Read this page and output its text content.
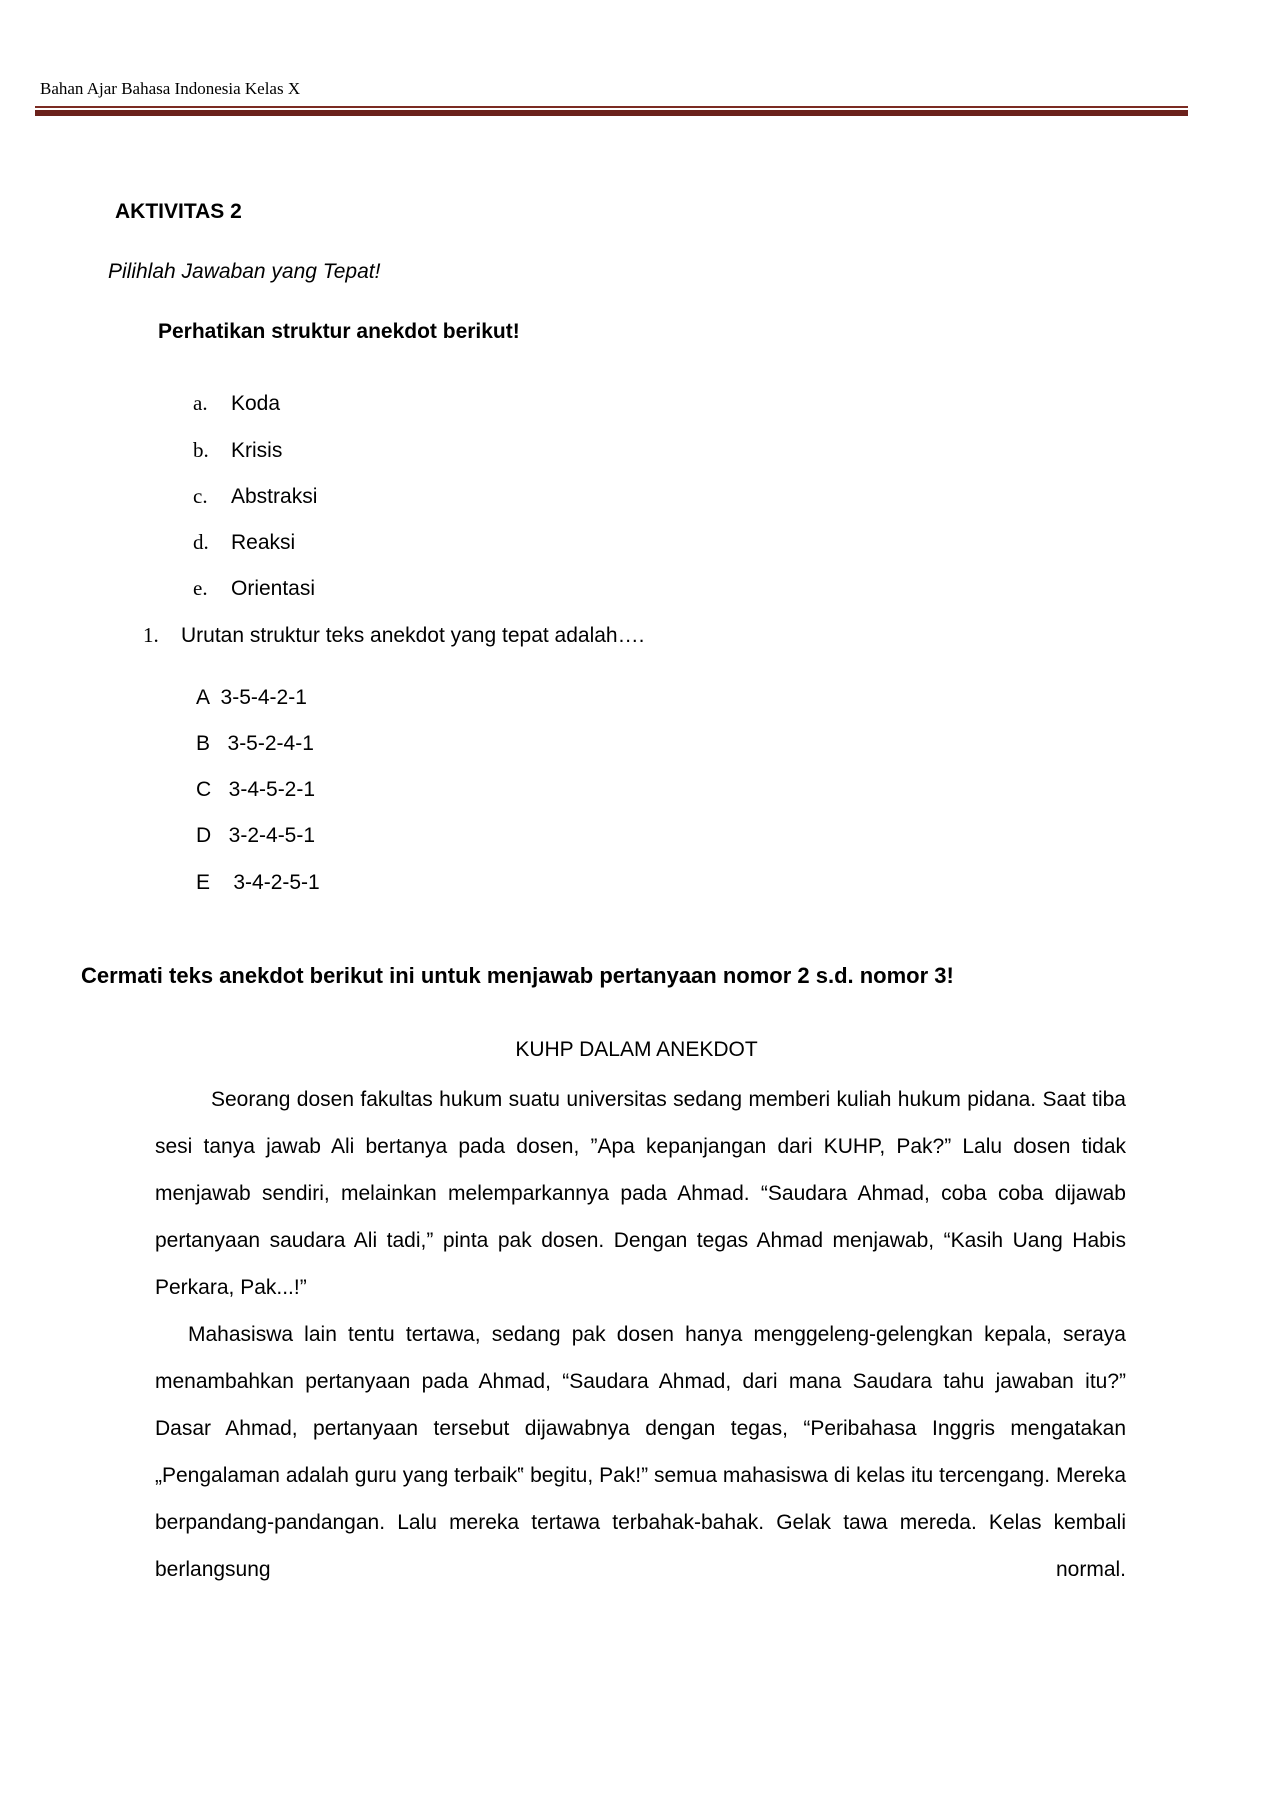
Bahan Ajar Bahasa Indonesia Kelas X
AKTIVITAS 2
Pilihlah Jawaban yang Tepat!
Perhatikan struktur anekdot berikut!
a. Koda
b. Krisis
c. Abstraksi
d. Reaksi
e. Orientasi
1. Urutan struktur teks anekdot yang tepat adalah….
A  3-5-4-2-1
B   3-5-2-4-1
C   3-4-5-2-1
D   3-2-4-5-1
E    3-4-2-5-1
Cermati teks anekdot berikut ini untuk menjawab pertanyaan nomor 2 s.d. nomor 3!
KUHP DALAM ANEKDOT
Seorang dosen fakultas hukum suatu universitas sedang memberi kuliah hukum pidana. Saat tiba sesi tanya jawab Ali bertanya pada dosen, ”Apa kepanjangan dari KUHP, Pak?” Lalu dosen tidak menjawab sendiri, melainkan melemparkannya pada Ahmad. “Saudara Ahmad, coba coba dijawab pertanyaan saudara Ali tadi,” pinta pak dosen. Dengan tegas Ahmad menjawab, “Kasih Uang Habis Perkara, Pak...!”
Mahasiswa lain tentu tertawa, sedang pak dosen hanya menggeleng-gelengkan kepala, seraya menambahkan pertanyaan pada Ahmad, “Saudara Ahmad, dari mana Saudara tahu jawaban itu?” Dasar Ahmad, pertanyaan tersebut dijawabnya dengan tegas, “Peribahasa Inggris mengatakan „Pengalaman adalah guru yang terbaik‟ begitu, Pak!” semua mahasiswa di kelas itu tercengang. Mereka berpandang-pandangan. Lalu mereka tertawa terbahak-bahak. Gelak tawa mereda. Kelas kembali berlangsung normal.
